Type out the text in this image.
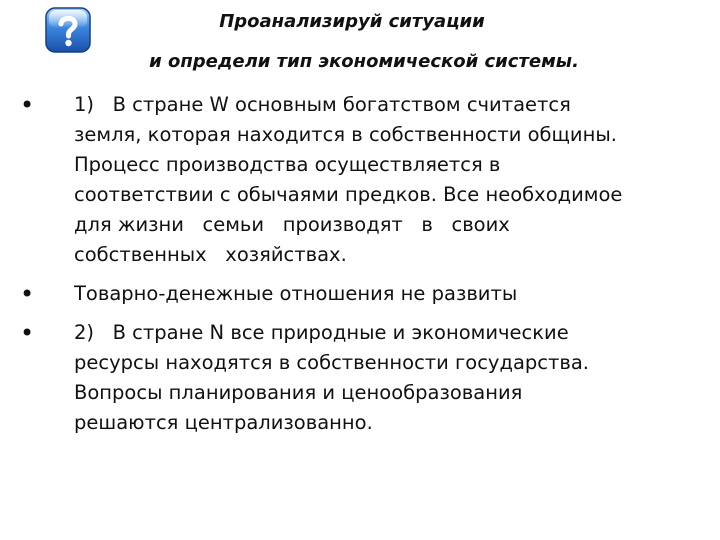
Проанализируй ситуации
и определи тип экономической системы.
• 1)   В стране W основным богатством считается
земля, которая находится в собственности общины.
Процесс производства осуществляется в
соответствии с обычаями предков. Все необходимое
для жизни   семьи   производят   в   своих
собственных   хозяйствах.
• Товарно-денежные отношения не развиты
• 2)   В стране N все природные и экономические
ресурсы находятся в собственности государства.
Вопросы планирования и ценообразования
решаются централизованно.
